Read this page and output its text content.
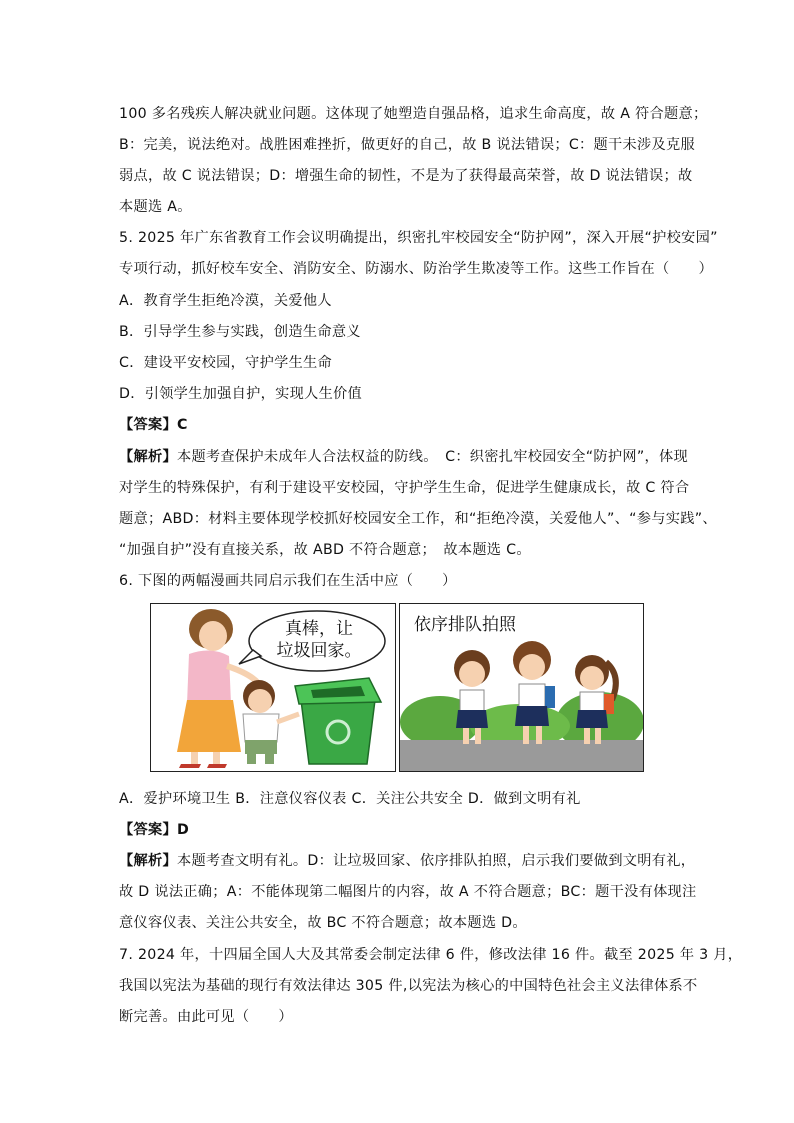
100 多名残疾人解决就业问题。这体现了她塑造自强品格，追求生命高度，故 A 符合题意；
B：完美，说法绝对。战胜困难挫折，做更好的自己，故 B 说法错误；C：题干未涉及克服
弱点，故 C 说法错误；D：增强生命的韧性，不是为了获得最高荣誉，故 D 说法错误；故
本题选 A。
5. 2025 年广东省教育工作会议明确提出，织密扎牢校园安全“防护网”，深入开展“护校安园”
专项行动，抓好校车安全、消防安全、防溺水、防治学生欺凌等工作。这些工作旨在（　　）
A．教育学生拒绝冷漠，关爱他人
B．引导学生参与实践，创造生命意义
C．建设平安校园，守护学生生命
D．引领学生加强自护，实现人生价值
【答案】C
【解析】本题考查保护未成年人合法权益的防线。　C：织密扎牢校园安全“防护网”，体现
对学生的特殊保护，有利于建设平安校园，守护学生生命，促进学生健康成长，故 C 符合
题意；ABD：材料主要体现学校抓好校园安全工作，和“拒绝冷漠，关爱他人”、“参与实践”、
“加强自护”没有直接关系，故 ABD 不符合题意；　故本题选 C。
6. 下图的两幅漫画共同启示我们在生活中应（　　）
真棒，让
垃圾回家。
依序排队拍照
A．爱护环境卫生 B．注意仪容仪表 C．关注公共安全 D．做到文明有礼
【答案】D
【解析】本题考查文明有礼。D：让垃圾回家、依序排队拍照，启示我们要做到文明有礼，
故 D 说法正确；A：不能体现第二幅图片的内容，故 A 不符合题意；BC：题干没有体现注
意仪容仪表、关注公共安全，故 BC 不符合题意；故本题选 D。
7. 2024 年，十四届全国人大及其常委会制定法律 6 件，修改法律 16 件。截至 2025 年 3 月，
我国以宪法为基础的现行有效法律达 305 件,以宪法为核心的中国特色社会主义法律体系不
断完善。由此可见（　　）
